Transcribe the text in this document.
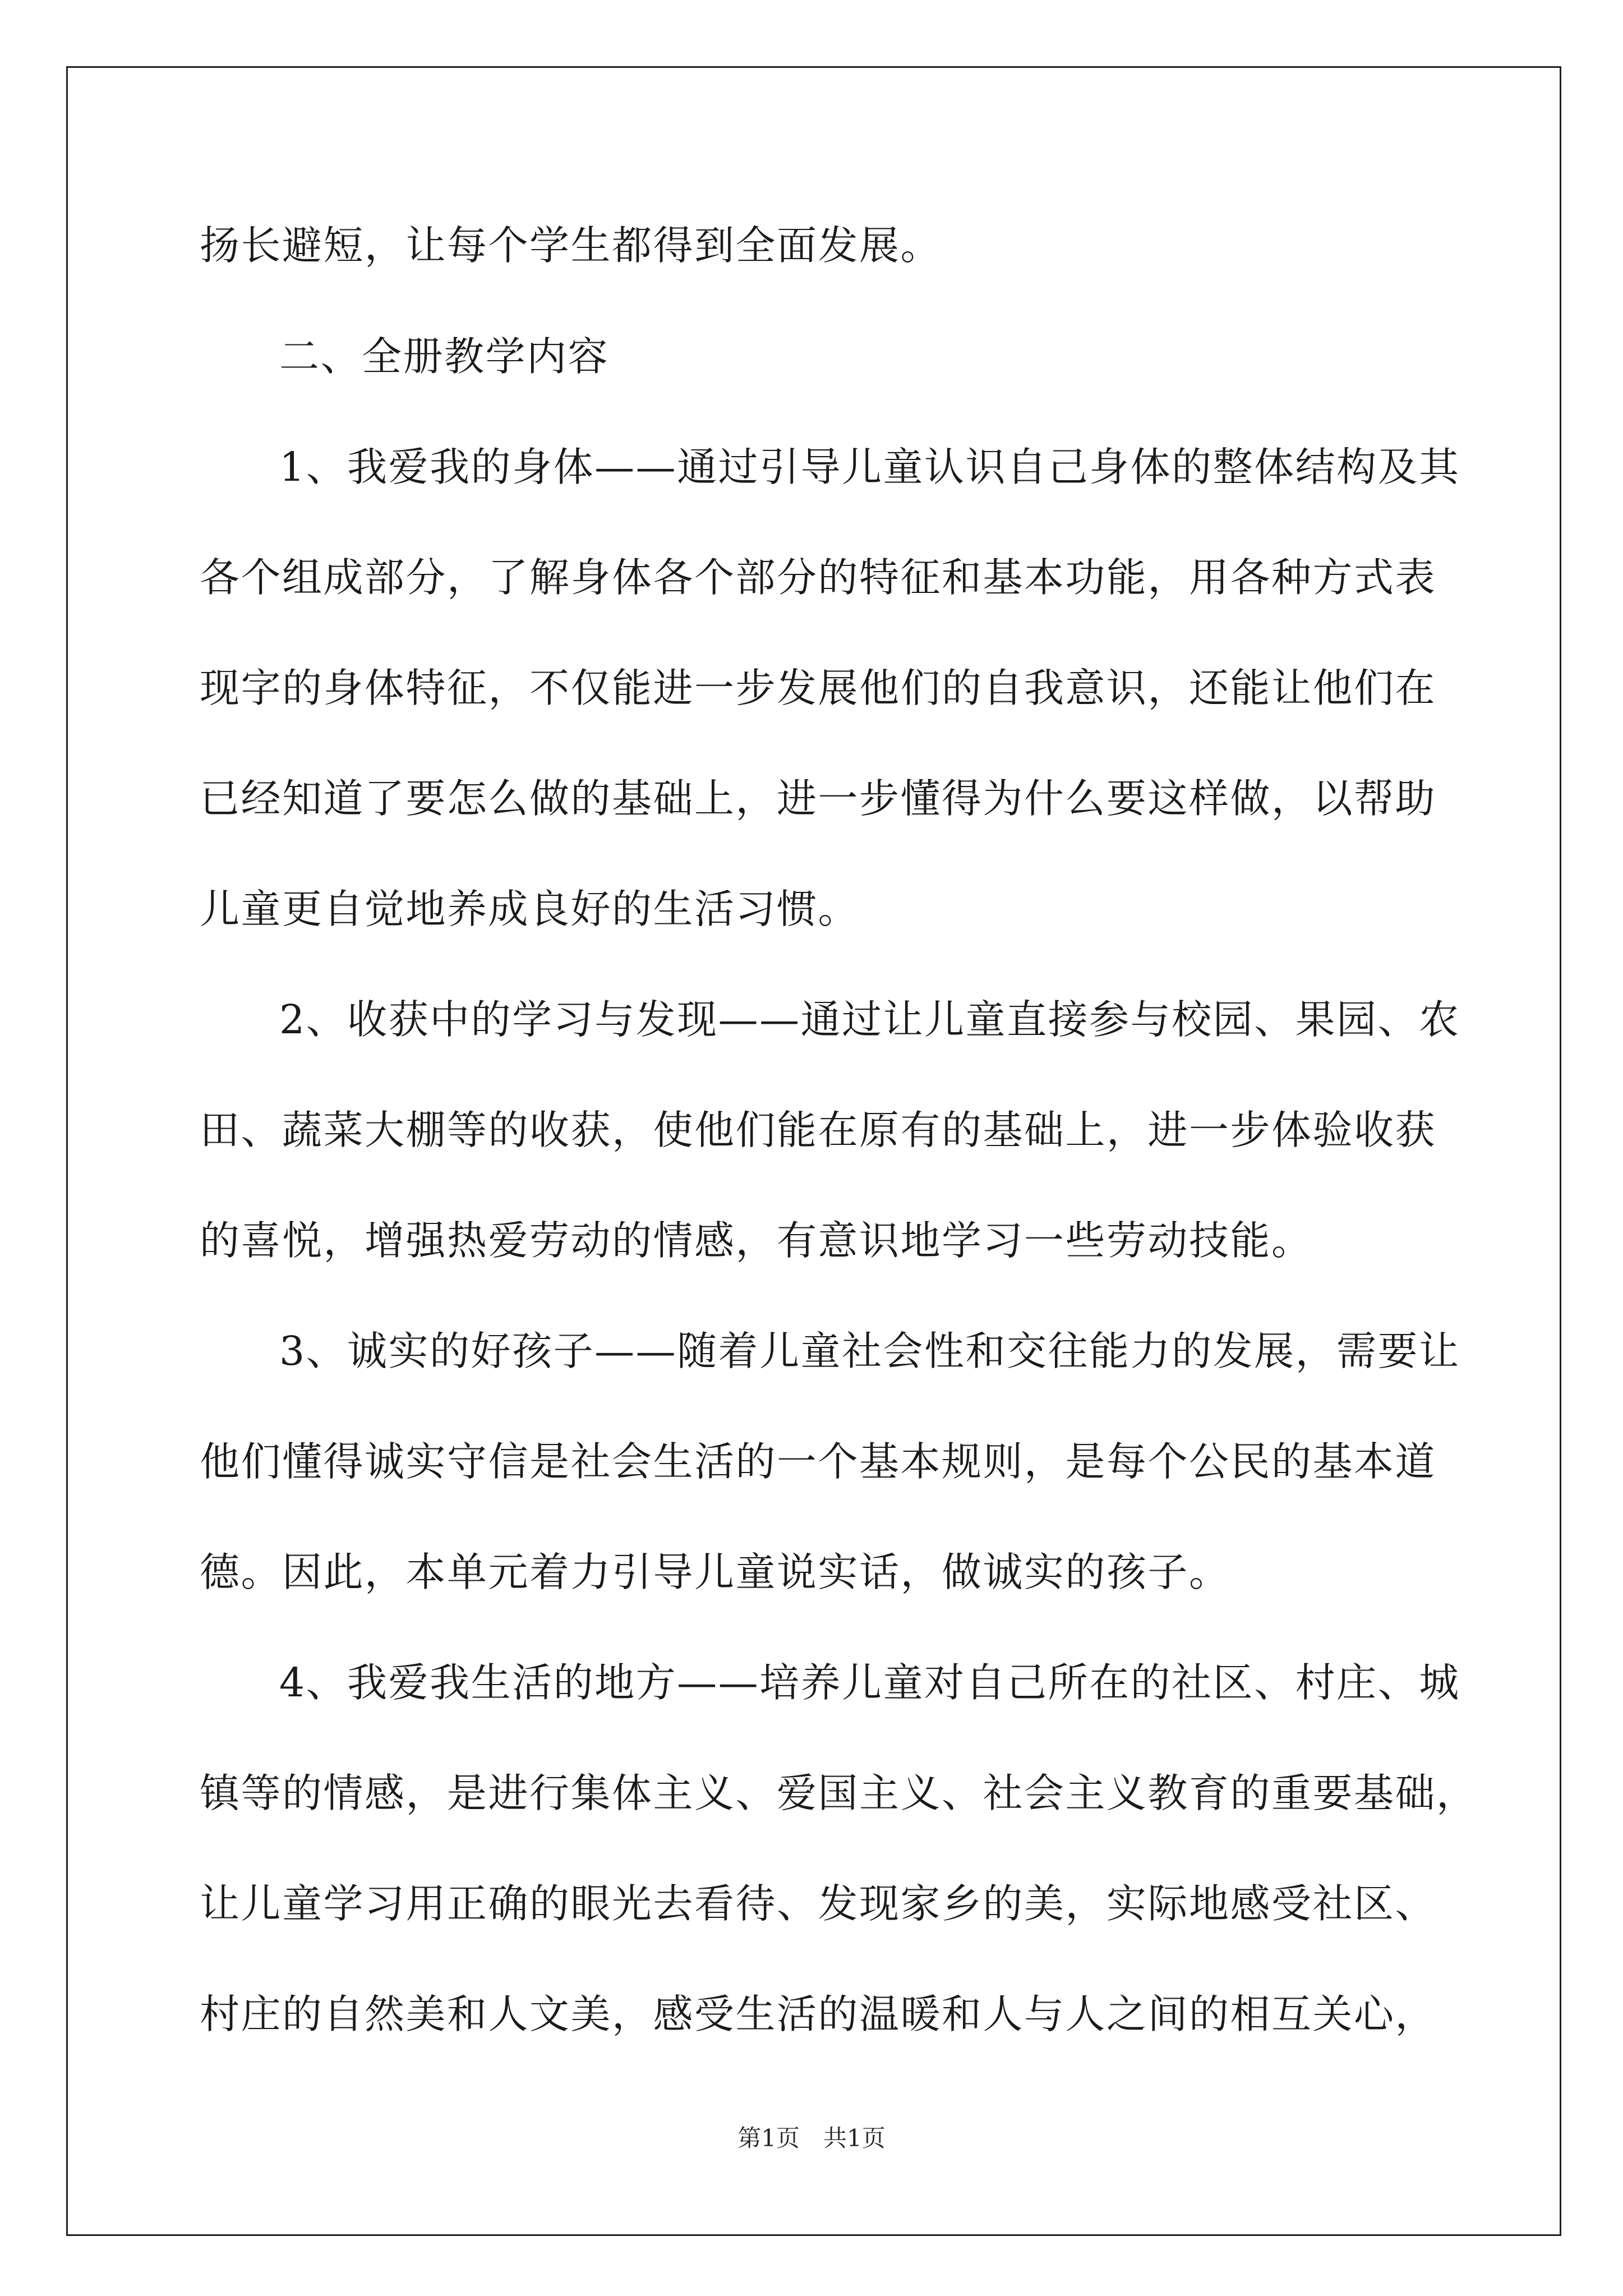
扬长避短，让每个学生都得到全面发展。

二、全册教学内容

1、我爱我的身体——通过引导儿童认识自己身体的整体结构及其

各个组成部分，了解身体各个部分的特征和基本功能，用各种方式表

现字的身体特征，不仅能进一步发展他们的自我意识，还能让他们在

已经知道了要怎么做的基础上，进一步懂得为什么要这样做，以帮助

儿童更自觉地养成良好的生活习惯。

2、收获中的学习与发现——通过让儿童直接参与校园、果园、农

田、蔬菜大棚等的收获，使他们能在原有的基础上，进一步体验收获

的喜悦，增强热爱劳动的情感，有意识地学习一些劳动技能。

3、诚实的好孩子——随着儿童社会性和交往能力的发展，需要让

他们懂得诚实守信是社会生活的一个基本规则，是每个公民的基本道

德。因此，本单元着力引导儿童说实话，做诚实的孩子。

4、我爱我生活的地方——培养儿童对自己所在的社区、村庄、城

镇等的情感，是进行集体主义、爱国主义、社会主义教育的重要基础，

让儿童学习用正确的眼光去看待、发现家乡的美，实际地感受社区、

村庄的自然美和人文美，感受生活的温暖和人与人之间的相互关心，

第1页　共1页
